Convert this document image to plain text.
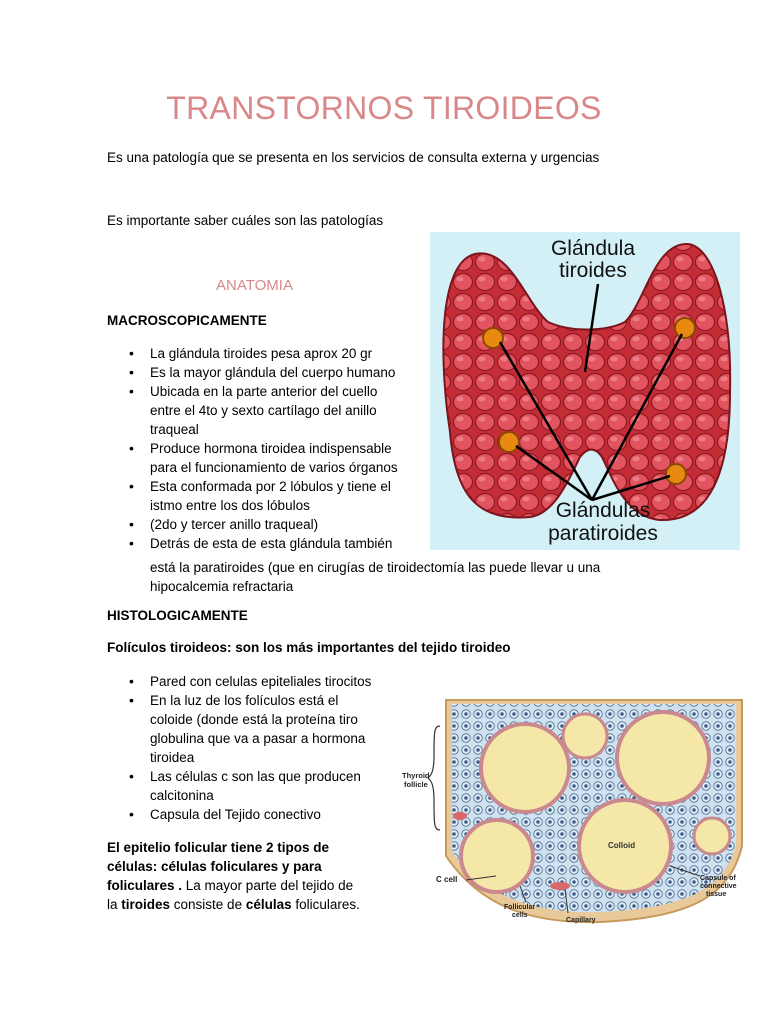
TRANSTORNOS TIROIDEOS
Es una patología que se presenta en los servicios de consulta externa y urgencias
Es importante saber cuáles son las patologías
ANATOMIA
MACROSCOPICAMENTE
• La glándula tiroides pesa aprox 20 gr
• Es la mayor glándula del cuerpo humano
• Ubicada en la parte anterior del cuello
entre el 4to y sexto cartílago del anillo
traqueal
• Produce hormona tiroidea indispensable
para el funcionamiento de varios órganos
• Esta conformada por 2 lóbulos y tiene el
istmo entre los dos lóbulos
• (2do y tercer anillo traqueal)
• Detrás de esta de esta glándula también
está la paratiroides (que en cirugías de tiroidectomía las puede llevar u una
hipocalcemia refractaria
HISTOLOGICAMENTE
Folículos tiroideos: son los más importantes del tejido tiroideo
• Pared con celulas epiteliales tirocitos
• En la luz de los folículos está el
coloide (donde está la proteína tiro
globulina que va a pasar a hormona
tiroidea
• Las células c son las que producen
calcitonina
• Capsula del Tejido conectivo
El epitelio folicular tiene 2 tipos de
células: células foliculares y para
foliculares . La mayor parte del tejido de
la tiroides consiste de células foliculares.
Glándula
tiroides
Glándulas
paratiroides
Thyroid
follicle
Colloid
C cell	Capsule of
connective
tissue
Follicular
cells
Capillary
